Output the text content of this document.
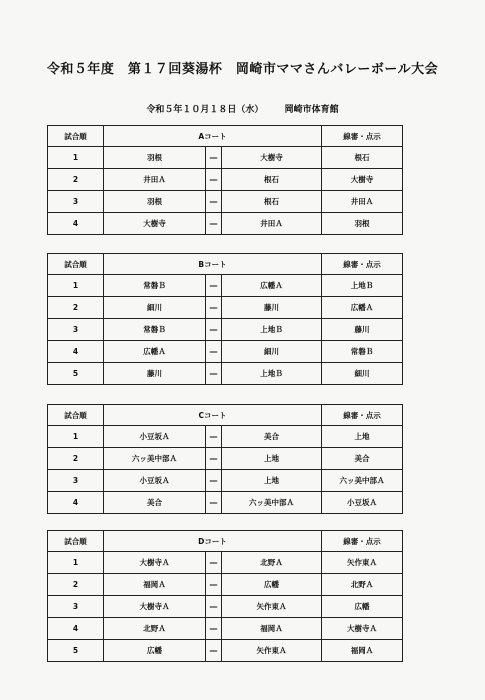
令和５年度　第１７回葵湯杯　岡崎市ママさんバレーボール大会
令和５年１０月１８日（水） 岡崎市体育館
試合順	Aコート			線審・点示
1	羽根	―	大樹寺	根石
2	井田Ａ	―	根石	大樹寺
3	羽根	―	根石	井田Ａ
4	大樹寺	―	井田Ａ	羽根
試合順	Bコート			線審・点示
1	常磐Ｂ	―	広幡Ａ	上地Ｂ
2	細川	―	藤川	広幡Ａ
3	常磐Ｂ	―	上地Ｂ	藤川
4	広幡Ａ	―	細川	常磐Ｂ
5	藤川	―	上地Ｂ	細川
試合順	Cコート			線審・点示
1	小豆坂Ａ	―	美合	上地
2	六ッ美中部Ａ	―	上地	美合
3	小豆坂Ａ	―	上地	六ッ美中部Ａ
4	美合	―	六ッ美中部Ａ	小豆坂Ａ
試合順	Dコート			線審・点示
1	大樹寺Ａ	―	北野Ａ	矢作東Ａ
2	福岡Ａ	―	広幡	北野Ａ
3	大樹寺Ａ	―	矢作東Ａ	広幡
4	北野Ａ	―	福岡Ａ	大樹寺Ａ
5	広幡	―	矢作東Ａ	福岡Ａ
